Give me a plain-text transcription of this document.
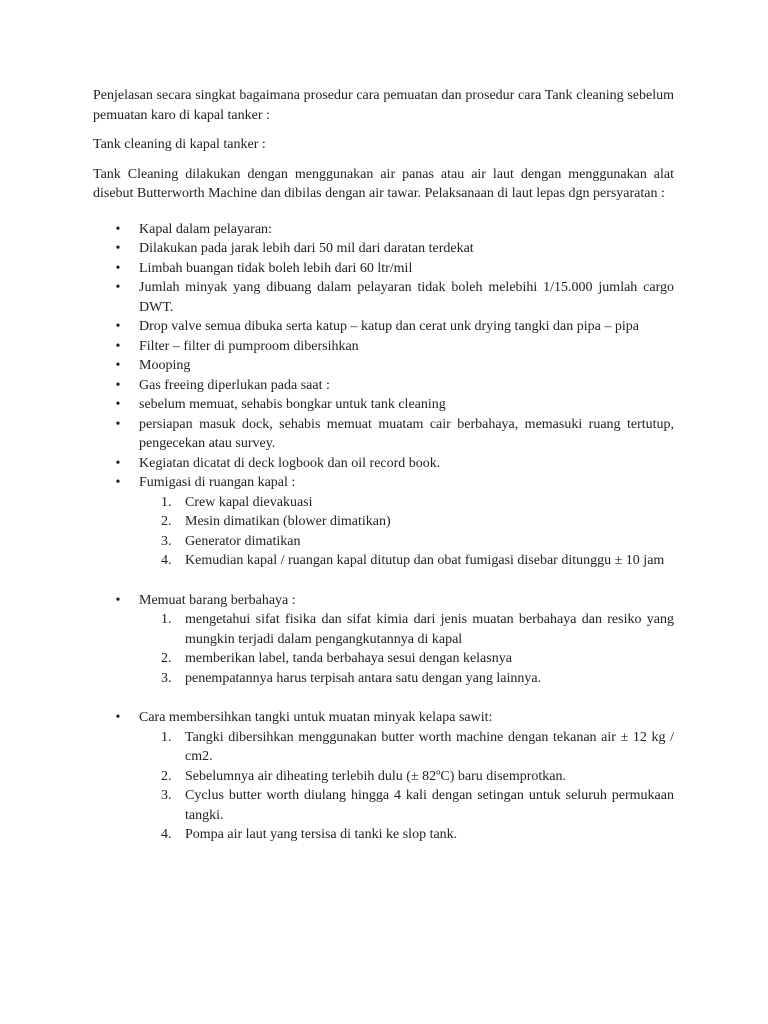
Penjelasan secara singkat bagaimana prosedur cara pemuatan dan prosedur cara Tank cleaning sebelum pemuatan karo di kapal tanker :

Tank cleaning di kapal tanker :

Tank Cleaning dilakukan dengan menggunakan air panas atau air laut dengan menggunakan alat disebut Butterworth Machine dan dibilas dengan air tawar. Pelaksanaan di laut lepas dgn persyaratan :

• Kapal dalam pelayaran:
• Dilakukan pada jarak lebih dari 50 mil dari daratan terdekat
• Limbah buangan tidak boleh lebih dari 60 ltr/mil
• Jumlah minyak yang dibuang dalam pelayaran tidak boleh melebihi 1/15.000 jumlah cargo DWT.
• Drop valve semua dibuka serta katup – katup dan cerat unk drying tangki dan pipa – pipa
• Filter – filter di pumproom dibersihkan
• Mooping
• Gas freeing diperlukan pada saat :
• sebelum memuat, sehabis bongkar untuk tank cleaning
• persiapan masuk dock, sehabis memuat muatam cair berbahaya, memasuki ruang tertutup, pengecekan atau survey.
• Kegiatan dicatat di deck logbook dan oil record book.
• Fumigasi di ruangan kapal :
1. Crew kapal dievakuasi
2. Mesin dimatikan (blower dimatikan)
3. Generator dimatikan
4. Kemudian kapal / ruangan kapal ditutup dan obat fumigasi disebar ditunggu ± 10 jam
• Memuat barang berbahaya :
1. mengetahui sifat fisika dan sifat kimia dari jenis muatan berbahaya dan resiko yang mungkin terjadi dalam pengangkutannya di kapal
2. memberikan label, tanda berbahaya sesui dengan kelasnya
3. penempatannya harus terpisah antara satu dengan yang lainnya.
• Cara membersihkan tangki untuk muatan minyak kelapa sawit:
1. Tangki dibersihkan menggunakan butter worth machine dengan tekanan air ± 12 kg / cm2.
2. Sebelumnya air diheating terlebih dulu (± 82ºC) baru disemprotkan.
3. Cyclus butter worth diulang hingga 4 kali dengan setingan untuk seluruh permukaan tangki.
4. Pompa air laut yang tersisa di tanki ke slop tank.
